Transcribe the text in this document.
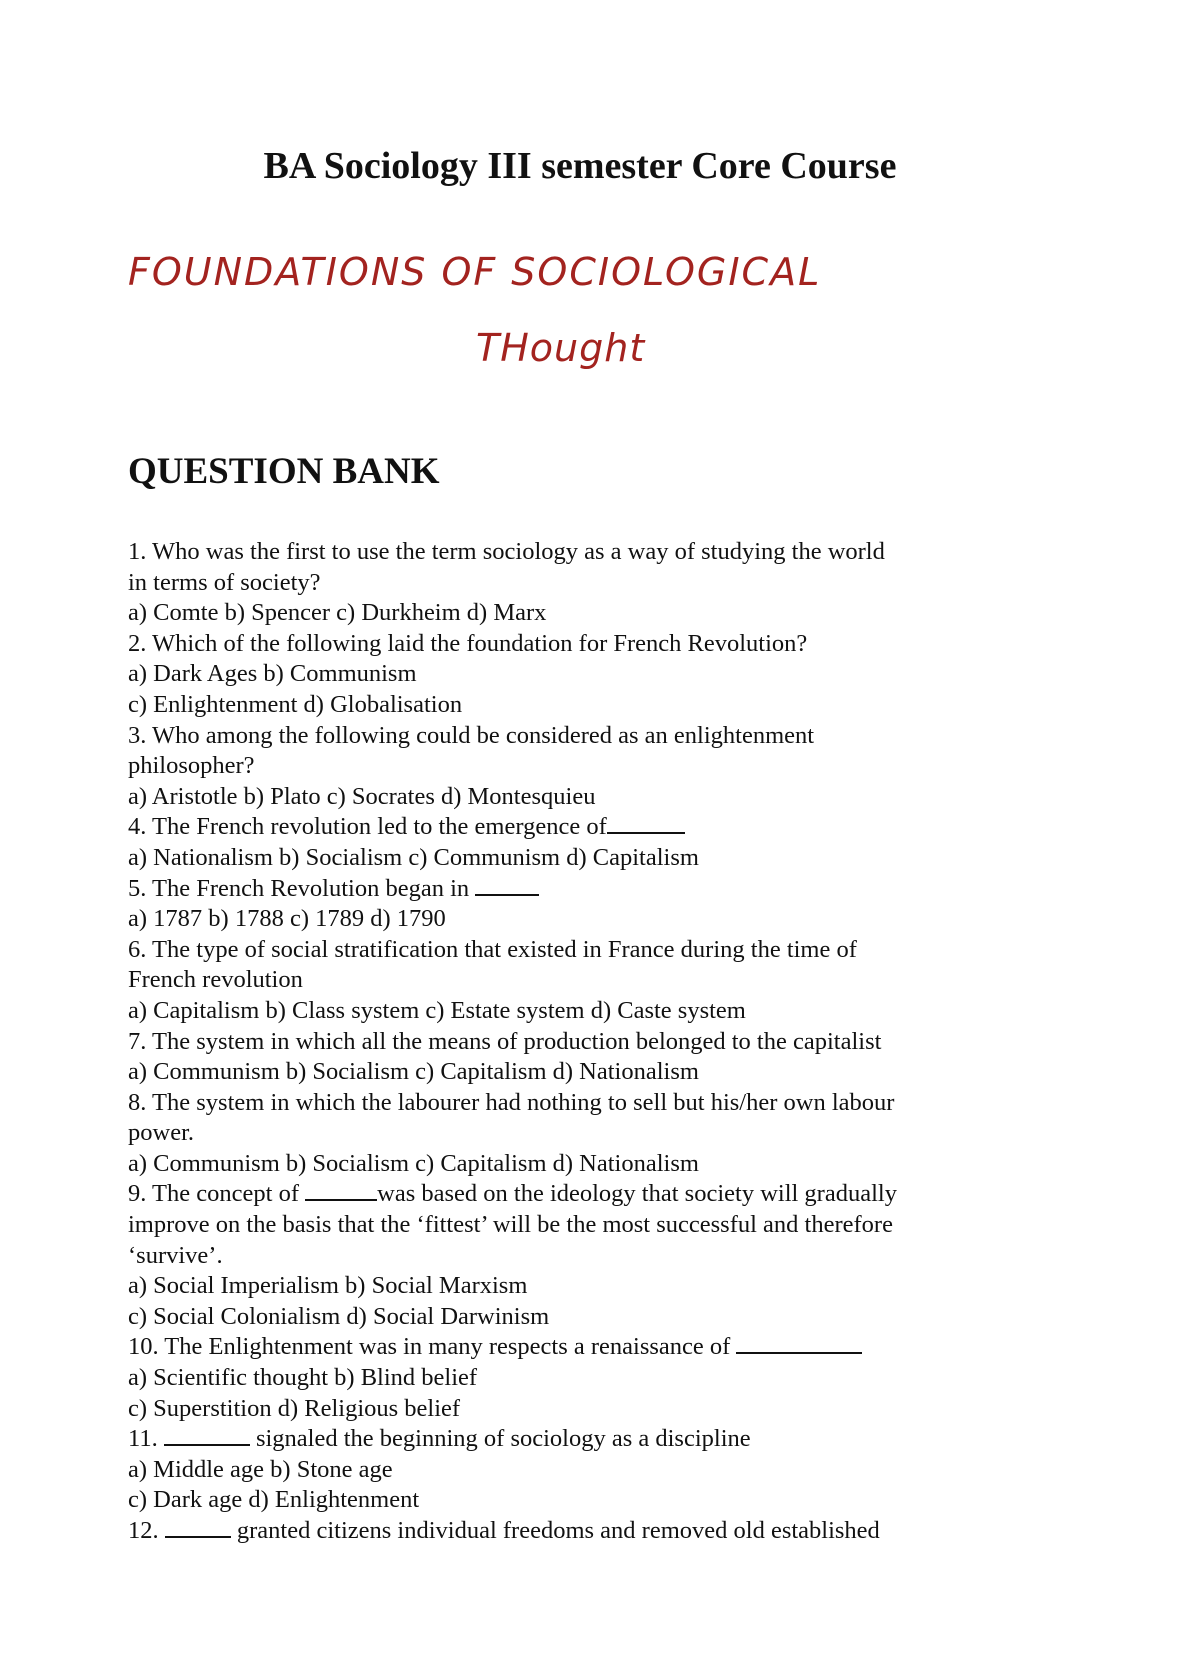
BA Sociology III semester Core Course
FOUNDATIONS OF SOCIOLOGICAL
THought
QUESTION BANK
1. Who was the first to use the term sociology as a way of studying the world
in terms of society?
a) Comte b) Spencer c) Durkheim d) Marx
2. Which of the following laid the foundation for French Revolution?
a) Dark Ages b) Communism
c) Enlightenment d) Globalisation
3. Who among the following could be considered as an enlightenment
philosopher?
a) Aristotle b) Plato c) Socrates d) Montesquieu
4. The French revolution led to the emergence of
a) Nationalism b) Socialism c) Communism d) Capitalism
5. The French Revolution began in
a) 1787 b) 1788 c) 1789 d) 1790
6. The type of social stratification that existed in France during the time of
French revolution
a) Capitalism b) Class system c) Estate system d) Caste system
7. The system in which all the means of production belonged to the capitalist
a) Communism b) Socialism c) Capitalism d) Nationalism
8. The system in which the labourer had nothing to sell but his/her own labour
power.
a) Communism b) Socialism c) Capitalism d) Nationalism
9. The concept of	was based on the ideology that society will gradually
improve on the basis that the ‘fittest’ will be the most successful and therefore
‘survive’.
a) Social Imperialism b) Social Marxism
c) Social Colonialism d) Social Darwinism
10. The Enlightenment was in many respects a renaissance of
a) Scientific thought b) Blind belief
c) Superstition d) Religious belief
11.	signaled the beginning of sociology as a discipline
a) Middle age b) Stone age
c) Dark age d) Enlightenment
12.	granted citizens individual freedoms and removed old established
